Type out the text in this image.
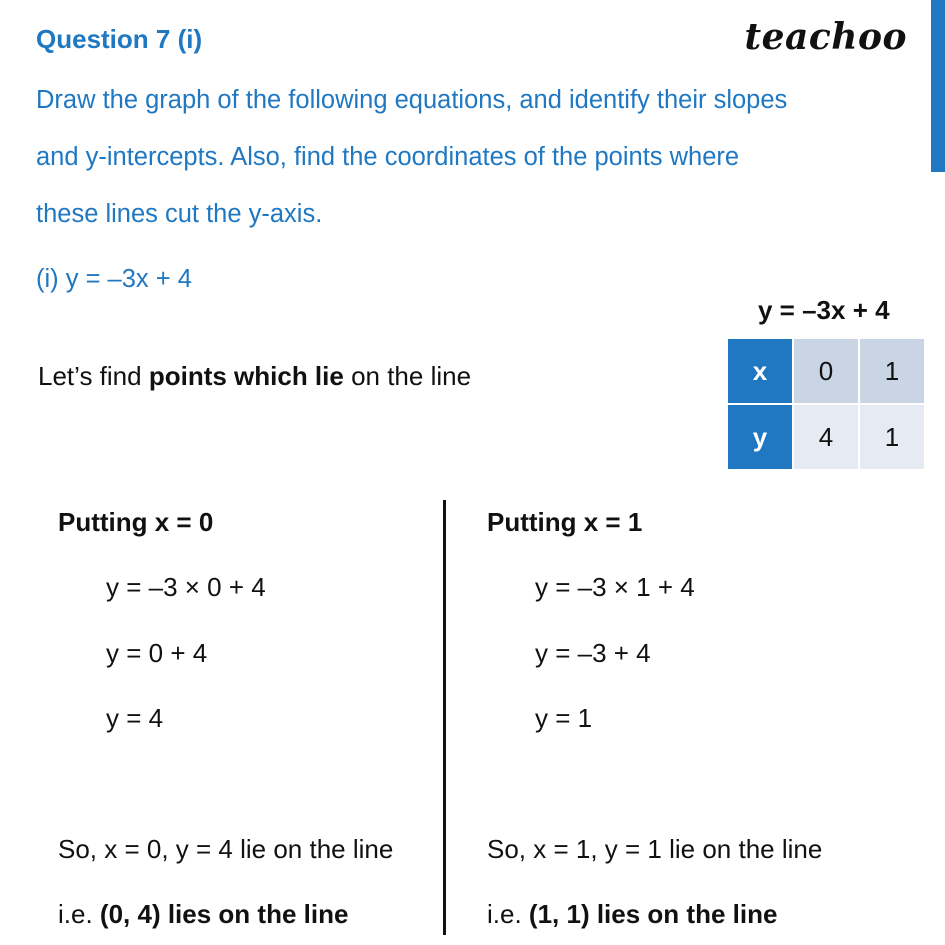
Question 7 (i)	teachoo
Draw the graph of the following equations, and identify their slopes
and y-intercepts. Also, find the coordinates of the points where
these lines cut the y-axis.
(i) y = –3x + 4
Let’s find points which lie on the line
y = –3x + 4
x	0	1
y	4	1
Putting x = 0
y = –3 × 0 + 4
y = 0 + 4
y = 4
So, x = 0, y = 4 lie on the line
i.e. (0, 4) lies on the line
Putting x = 1
y = –3 × 1 + 4
y = –3 + 4
y = 1
So, x = 1, y = 1 lie on the line
i.e. (1, 1) lies on the line
